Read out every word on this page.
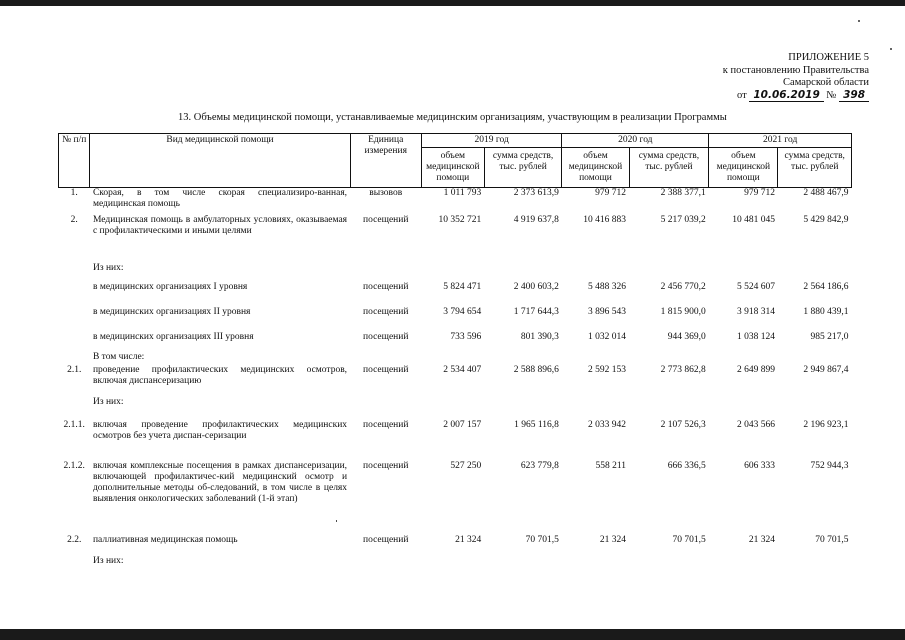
ПРИЛОЖЕНИЕ 5
к постановлению Правительства
Самарской области
от 10.06.2019 № 398
13. Объемы медицинской помощи, устанавливаемые медицинским организациям, участвующим в реализации Программы
№ п/п	Вид медицинской помощи	Единица измерения	2019 год		2020 год		2021 год	
			объем медицинской помощи	сумма средств, тыс. рублей	объем медицинской помощи	сумма средств, тыс. рублей	объем медицинской помощи	сумма средств, тыс. рублей
1.	Скорая, в том числе скорая специализиро-ванная, медицинская помощь	вызовов	1 011 793	2 373 613,9	979 712	2 388 377,1	979 712	2 488 467,9
2.	Медицинская помощь в амбулаторных условиях, оказываемая с профилактическими и иными целями	посещений	10 352 721	4 919 637,8	10 416 883	5 217 039,2	10 481 045	5 429 842,9
	Из них:							
	в медицинских организациях I уровня	посещений	5 824 471	2 400 603,2	5 488 326	2 456 770,2	5 524 607	2 564 186,6
	в медицинских организациях II уровня	посещений	3 794 654	1 717 644,3	3 896 543	1 815 900,0	3 918 314	1 880 439,1
	в медицинских организациях III уровня	посещений	733 596	801 390,3	1 032 014	944 369,0	1 038 124	985 217,0
	В том числе:							
2.1.	проведение профилактических медицинских осмотров, включая диспансеризацию	посещений	2 534 407	2 588 896,6	2 592 153	2 773 862,8	2 649 899	2 949 867,4
	Из них:							
2.1.1.	включая проведение профилактических медицинских осмотров без учета диспан-серизации	посещений	2 007 157	1 965 116,8	2 033 942	2 107 526,3	2 043 566	2 196 923,1
2.1.2.	включая комплексные посещения в рамках диспансеризации, включающей профилактичес-кий медицинский осмотр и дополнительные методы об-следований, в том числе в целях выявления онкологических заболеваний (1-й этап)	посещений	527 250	623 779,8	558 211	666 336,5	606 333	752 944,3
2.2.	паллиативная медицинская помощь	посещений	21 324	70 701,5	21 324	70 701,5	21 324	70 701,5
	Из них:							
